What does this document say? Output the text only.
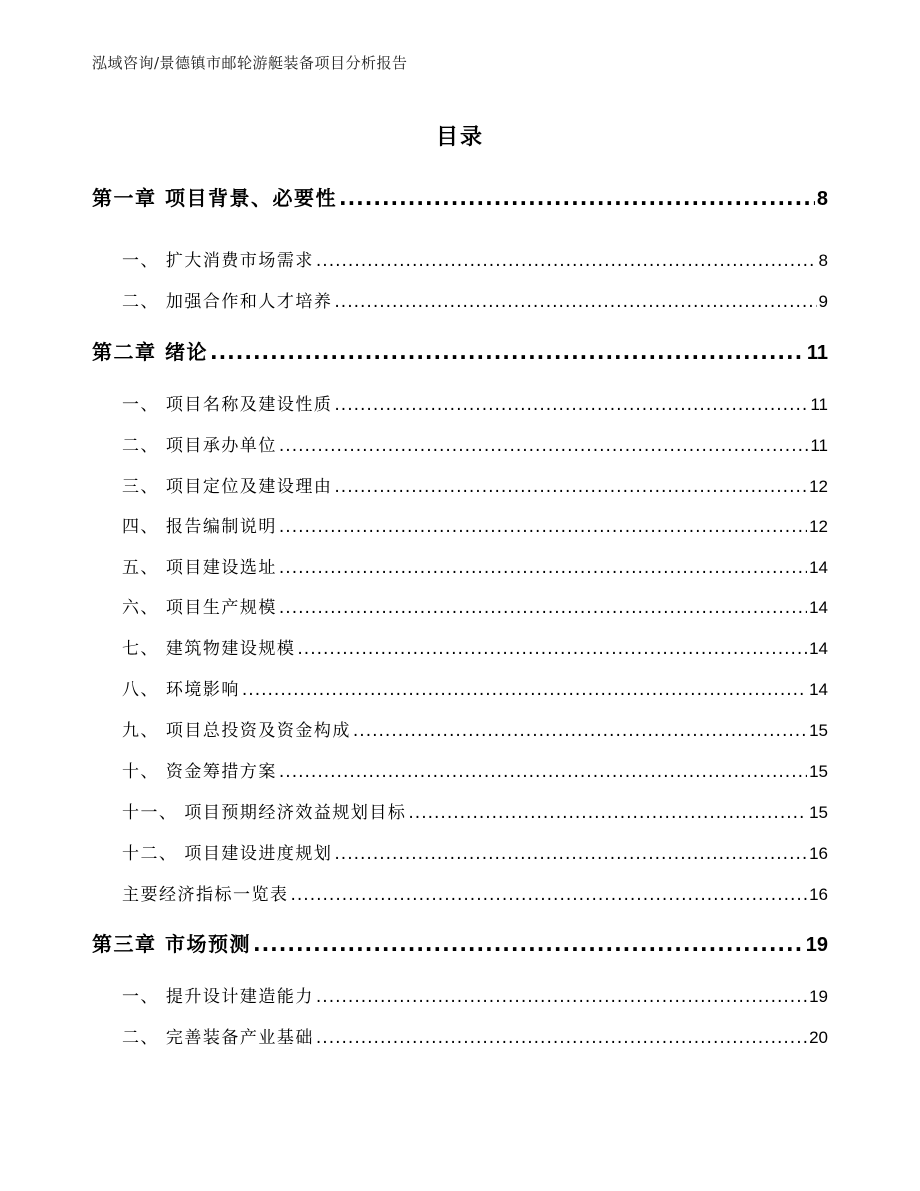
泓域咨询/景德镇市邮轮游艇装备项目分析报告
目录
第一章 项目背景、必要性 .....	8
一、 扩大消费市场需求 .....	8
二、 加强合作和人才培养 .....	9
第二章 绪论 .....	11
一、 项目名称及建设性质 .....	11
二、 项目承办单位 .....	11
三、 项目定位及建设理由 .....	12
四、 报告编制说明 .....	12
五、 项目建设选址 .....	14
六、 项目生产规模 .....	14
七、 建筑物建设规模 .....	14
八、 环境影响 .....	14
九、 项目总投资及资金构成 .....	15
十、 资金筹措方案 .....	15
十一、 项目预期经济效益规划目标 .....	15
十二、 项目建设进度规划 .....	16
主要经济指标一览表 .....	16
第三章 市场预测 .....	19
一、 提升设计建造能力 .....	19
二、 完善装备产业基础 .....	20
